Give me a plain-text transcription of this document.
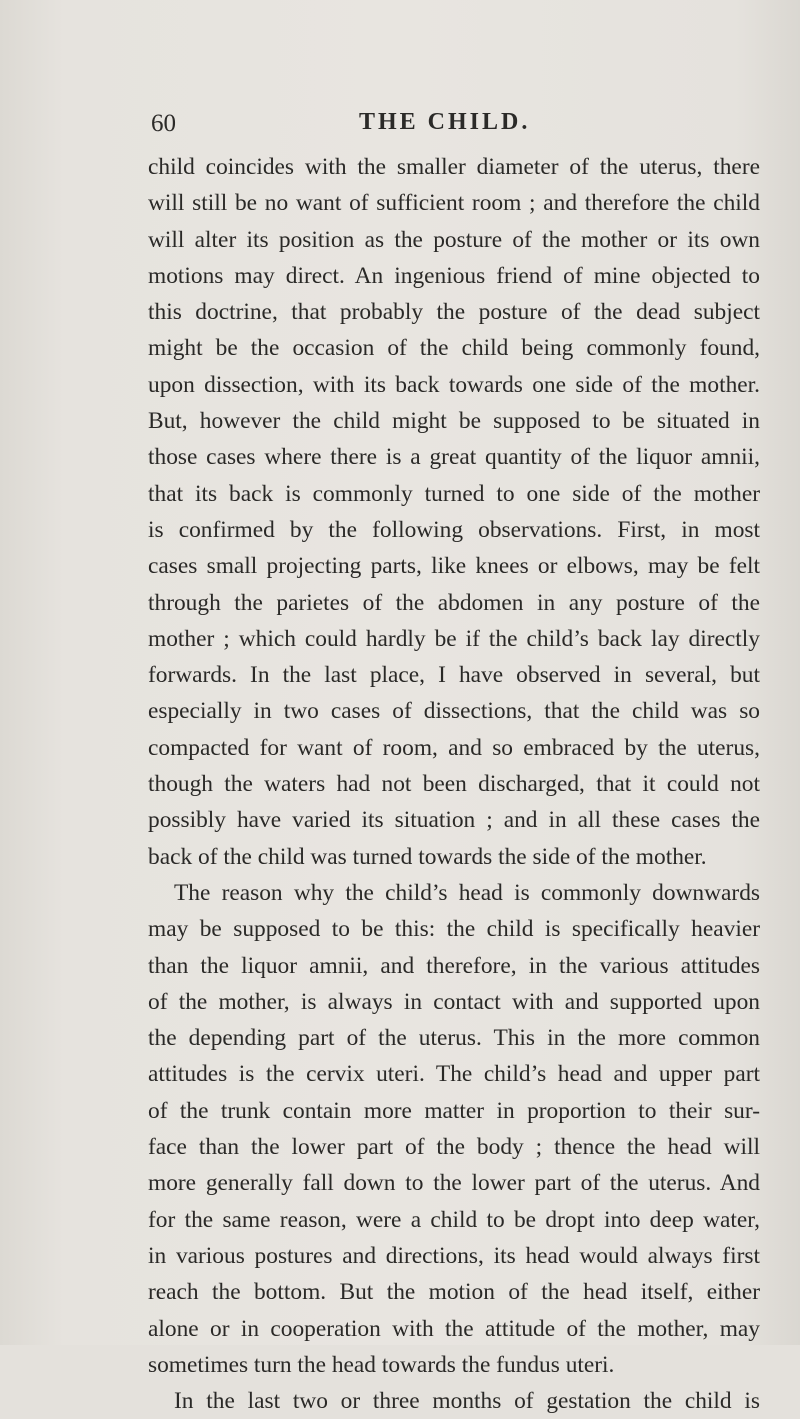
60	THE CHILD.
child coincides with the smaller diameter of the uterus, there
will still be no want of sufficient room ; and therefore the child
will alter its position as the posture of the mother or its own
motions may direct. An ingenious friend of mine objected to
this doctrine, that probably the posture of the dead subject
might be the occasion of the child being commonly found,
upon dissection, with its back towards one side of the mother.
But, however the child might be supposed to be situated in
those cases where there is a great quantity of the liquor amnii,
that its back is commonly turned to one side of the mother
is confirmed by the following observations. First, in most
cases small projecting parts, like knees or elbows, may be felt
through the parietes of the abdomen in any posture of the
mother ; which could hardly be if the child’s back lay directly
forwards. In the last place, I have observed in several, but
especially in two cases of dissections, that the child was so
compacted for want of room, and so embraced by the uterus,
though the waters had not been discharged, that it could not
possibly have varied its situation ; and in all these cases the
back of the child was turned towards the side of the mother.
The reason why the child’s head is commonly downwards
may be supposed to be this: the child is specifically heavier
than the liquor amnii, and therefore, in the various attitudes
of the mother, is always in contact with and supported upon
the depending part of the uterus. This in the more common
attitudes is the cervix uteri. The child’s head and upper part
of the trunk contain more matter in proportion to their sur-
face than the lower part of the body ; thence the head will
more generally fall down to the lower part of the uterus. And
for the same reason, were a child to be dropt into deep water,
in various postures and directions, its head would always first
reach the bottom. But the motion of the head itself, either
alone or in cooperation with the attitude of the mother, may
sometimes turn the head towards the fundus uteri.
In the last two or three months of gestation the child is
